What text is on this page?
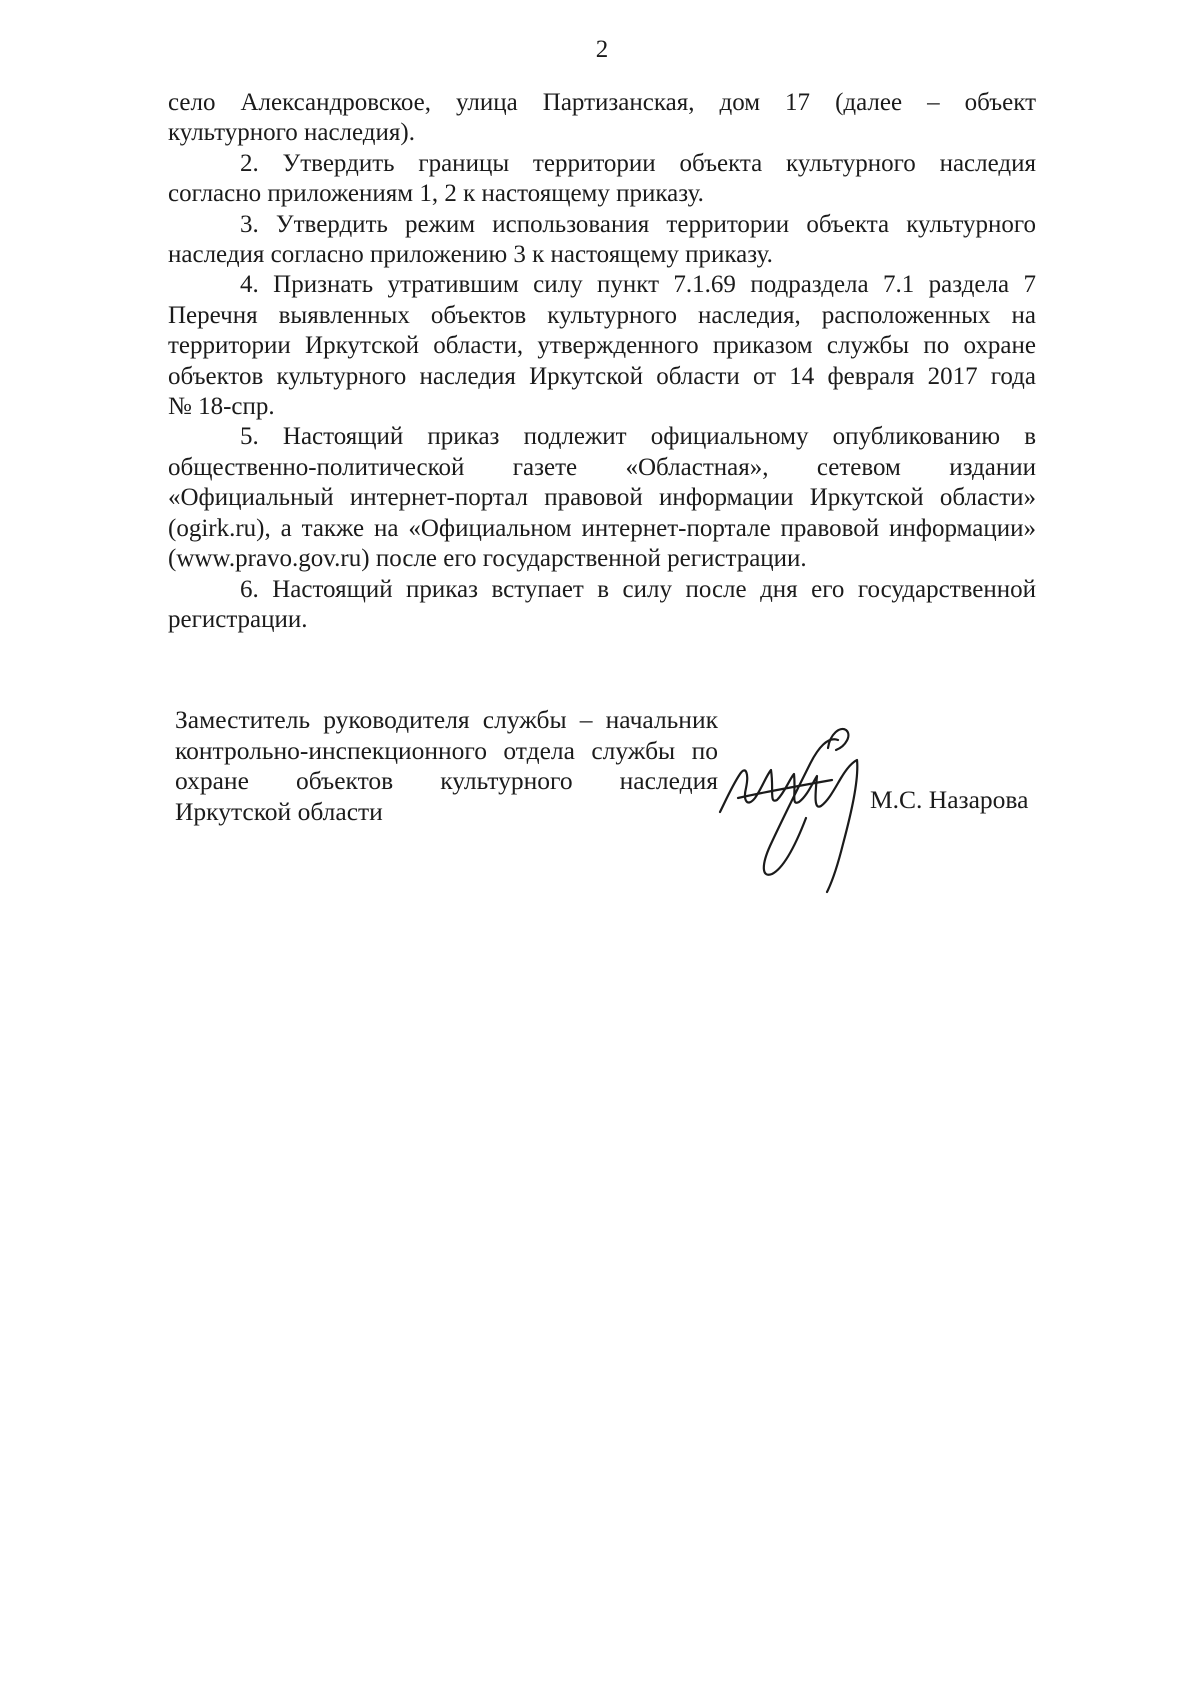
2
село Александровское, улица Партизанская, дом 17 (далее – объект
культурного наследия).
2. Утвердить границы территории объекта культурного наследия
согласно приложениям 1, 2 к настоящему приказу.
3. Утвердить режим использования территории объекта культурного
наследия согласно приложению 3 к настоящему приказу.
4. Признать утратившим силу пункт 7.1.69 подраздела 7.1 раздела 7
Перечня выявленных объектов культурного наследия, расположенных на
территории Иркутской области, утвержденного приказом службы по охране
объектов культурного наследия Иркутской области от 14 февраля 2017 года
№ 18-спр.
5. Настоящий приказ подлежит официальному опубликованию в
общественно-политической газете «Областная», сетевом издании
«Официальный интернет-портал правовой информации Иркутской области»
(ogirk.ru), а также на «Официальном интернет-портале правовой информации»
(www.pravo.gov.ru) после его государственной регистрации.
6. Настоящий приказ вступает в силу после дня его государственной
регистрации.
Заместитель руководителя службы – начальник
контрольно-инспекционного отдела службы по
охране объектов культурного наследия
Иркутской области	М.С. Назарова
